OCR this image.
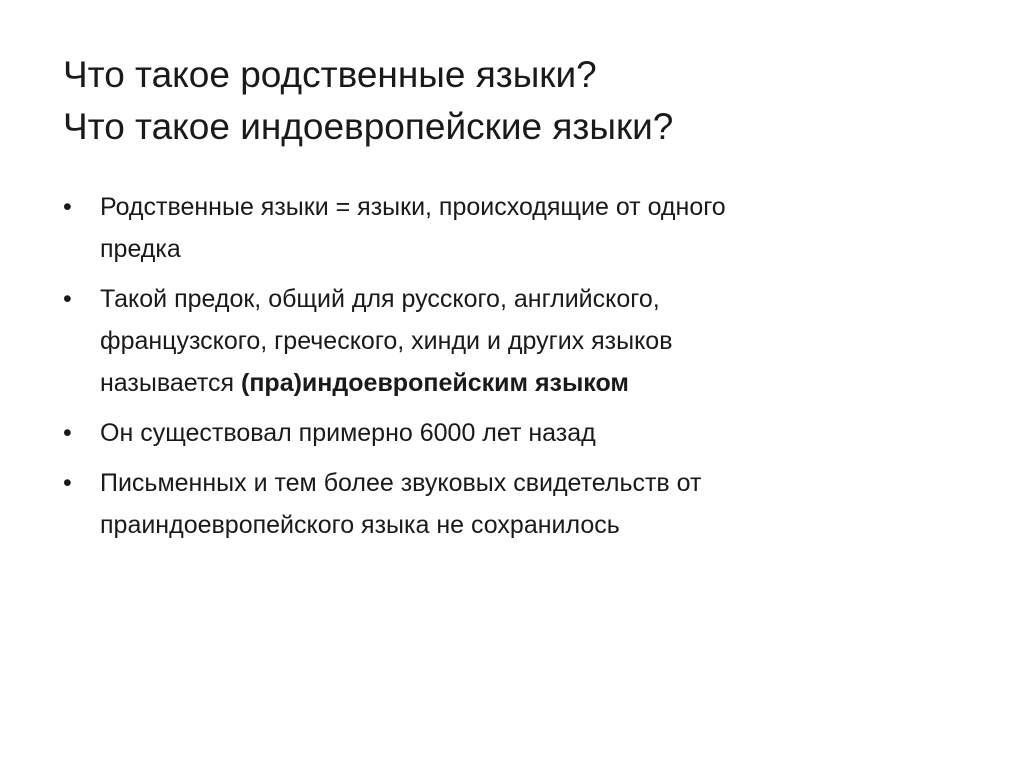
Что такое родственные языки?
Что такое индоевропейские языки?
•	Родственные языки = языки, происходящие от одного
предка
•	Такой предок, общий для русского, английского,
французского, греческого, хинди и других языков
называется (пра)индоевропейским языком
•	Он существовал примерно 6000 лет назад
•	Письменных и тем более звуковых свидетельств от
праиндоевропейского языка не сохранилось
